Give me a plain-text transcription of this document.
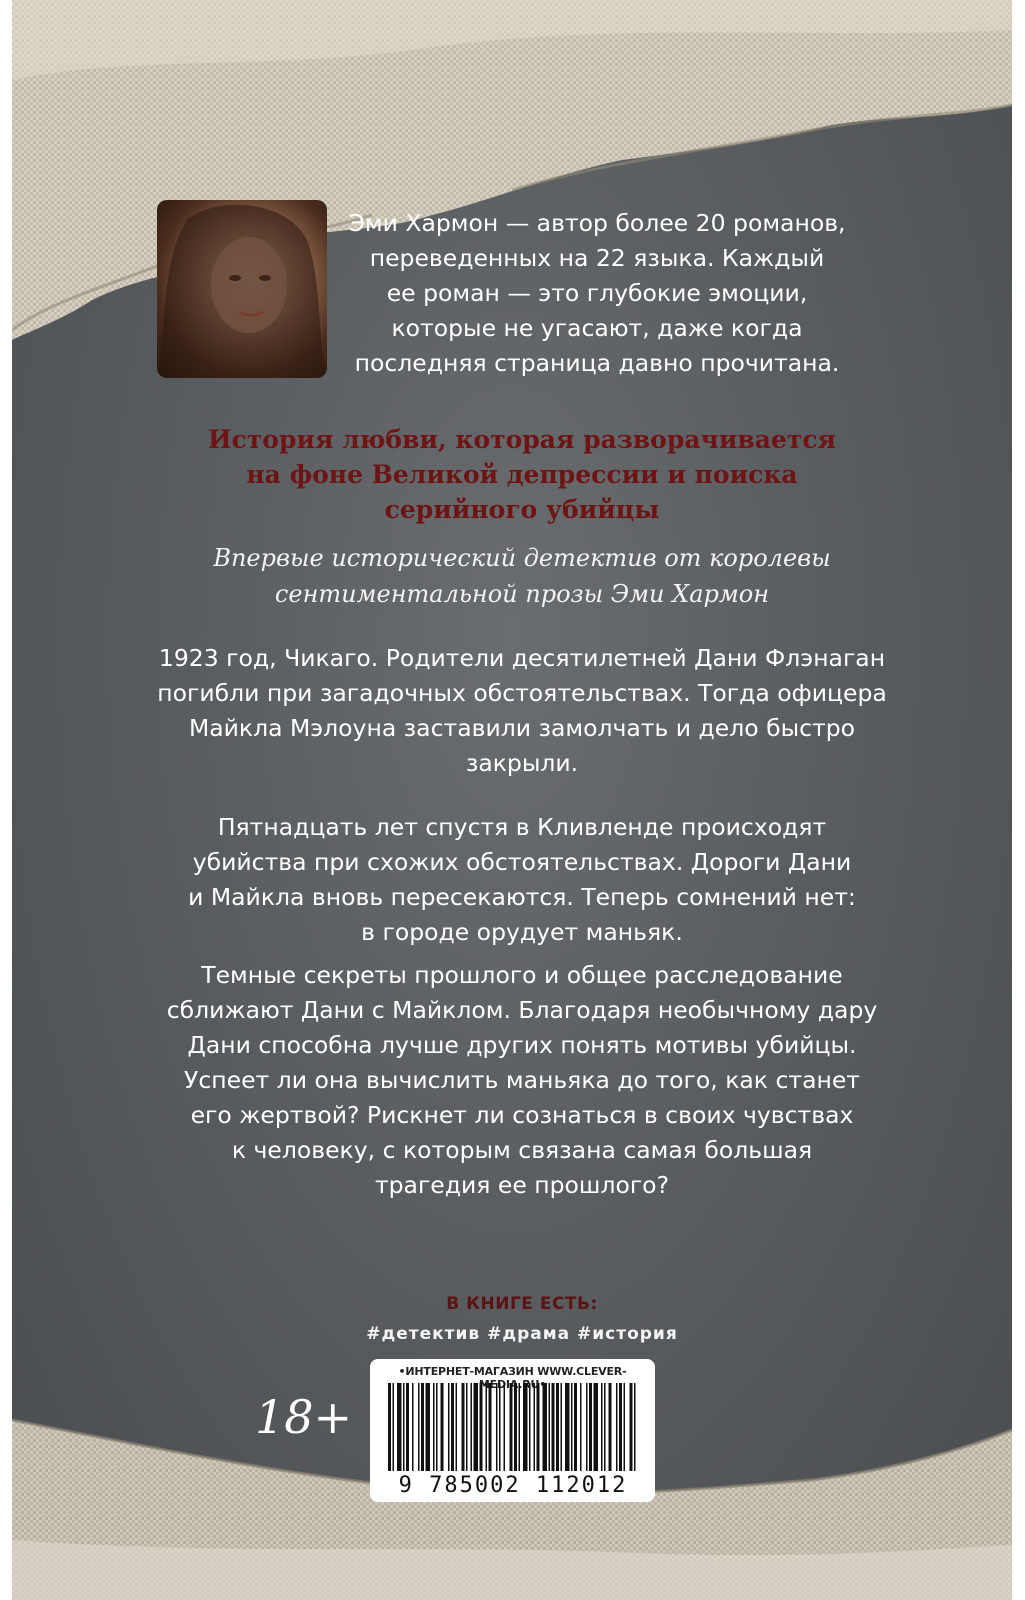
Эми Хармон — автор более 20 романов,
переведенных на 22 языка. Каждый
ее роман — это глубокие эмоции,
которые не угасают, даже когда
последняя страница давно прочитана.
История любви, которая разворачивается
на фоне Великой депрессии и поиска
серийного убийцы
Впервые исторический детектив от королевы
сентиментальной прозы Эми Хармон
1923 год, Чикаго. Родители десятилетней Дани Флэнаган
погибли при загадочных обстоятельствах. Тогда офицера
Майкла Мэлоуна заставили замолчать и дело быстро
закрыли.
Пятнадцать лет спустя в Кливленде происходят
убийства при схожих обстоятельствах. Дороги Дани
и Майкла вновь пересекаются. Теперь сомнений нет:
в городе орудует маньяк.
Темные секреты прошлого и общее расследование
сближают Дани с Майклом. Благодаря необычному дару
Дани способна лучше других понять мотивы убийцы.
Успеет ли она вычислить маньяка до того, как станет
его жертвой? Рискнет ли сознаться в своих чувствах
к человеку, с которым связана самая большая
трагедия ее прошлого?
В КНИГЕ ЕСТЬ:
#детектив #драма #история
18+
•ИНТЕРНЕТ-МАГАЗИН WWW.CLEVER-MEDIA.RU•
9 785002 112012
